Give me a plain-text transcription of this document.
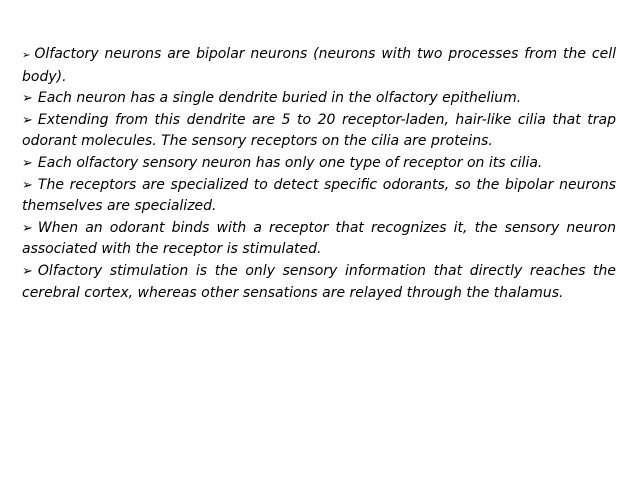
➢ Olfactory neurons are bipolar neurons (neurons with two processes from the cell body).

➢ Each neuron has a single dendrite buried in the olfactory epithelium.

➢ Extending from this dendrite are 5 to 20 receptor-laden, hair-like cilia that trap odorant molecules. The sensory receptors on the cilia are proteins.

➢ Each olfactory sensory neuron has only one type of receptor on its cilia.

➢ The receptors are specialized to detect specific odorants, so the bipolar neurons themselves are specialized.

➢ When an odorant binds with a receptor that recognizes it, the sensory neuron associated with the receptor is stimulated.

➢ Olfactory stimulation is the only sensory information that directly reaches the cerebral cortex, whereas other sensations are relayed through the thalamus.
